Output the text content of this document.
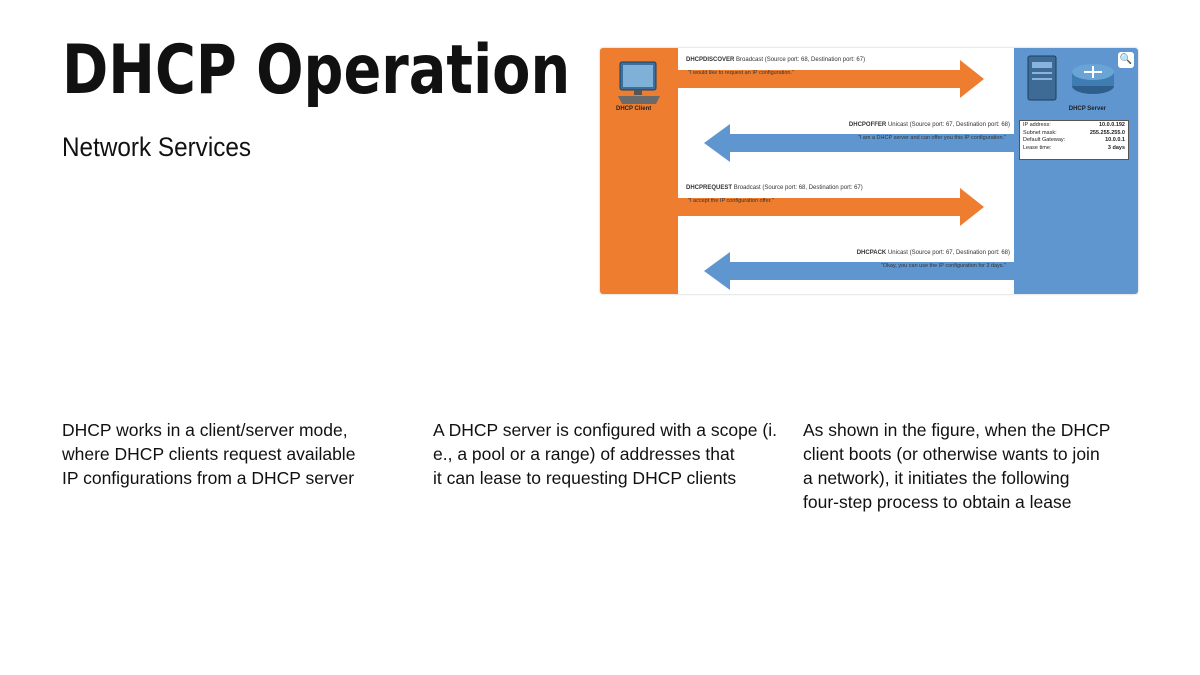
DHCP Operation
Network Services
DHCP Client	DHCP Server
🔍
IP address:	10.0.0.192
Subnet mask:	255.255.255.0
Default Gateway:	10.0.0.1
Lease time:	3 days
DHCPDISCOVER Broadcast (Source port: 68, Destination port: 67)
"I would like to request an IP configuration."
DHCPOFFER Unicast (Source port: 67, Destination port: 68)
"I am a DHCP server and can offer you this IP configuration."
DHCPREQUEST Broadcast (Source port: 68, Destination port: 67)
"I accept the IP configuration offer."
DHCPACK Unicast (Source port: 67, Destination port: 68)
"Okay, you can use the IP configuration for 3 days."
DHCP works in a client/server mode,
where DHCP clients request available
IP configurations from a DHCP server
A DHCP server is configured with a scope (i.
e., a pool or a range) of addresses that
it can lease to requesting DHCP clients
As shown in the figure, when the DHCP
client boots (or otherwise wants to join
a network), it initiates the following
four-step process to obtain a lease
